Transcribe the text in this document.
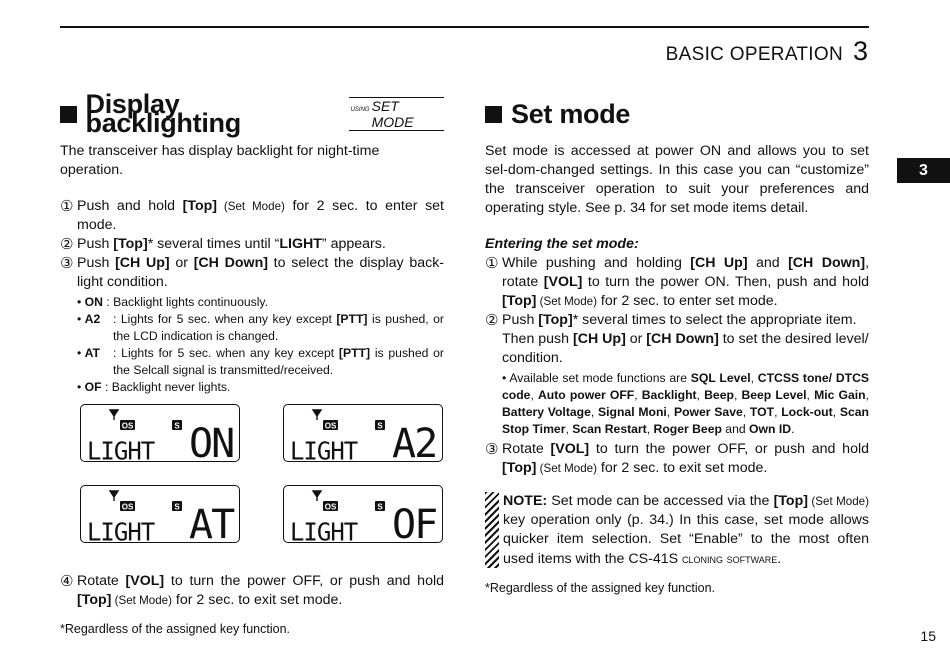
BASIC OPERATION 3
3
Display backlighting	USING SET MODE

The transceiver has display backlight for night-time operation.

① Push and hold [Top] (Set Mode) for 2 sec. to enter set mode.
② Push [Top]* several times until “LIGHT” appears.
③ Push [CH Up] or [CH Down] to select the display back-light condition.
• ON : Backlight lights continuously.
• A2	: Lights for 5 sec. when any key except [PTT] is pushed, or the LCD indication is changed.
• AT	: Lights for 5 sec. when any key except [PTT] is pushed or the Selcall signal is transmitted/received.
• OF : Backlight never lights.
OS	S
LIGHT ON	OS	S
LIGHT A2
OS	S
LIGHT AT	OS	S
LIGHT OF
④ Rotate [VOL] to turn the power OFF, or push and hold [Top] (Set Mode) for 2 sec. to exit set mode.

*Regardless of the assigned key function.

Set mode

Set mode is accessed at power ON and allows you to set sel-dom-changed settings. In this case you can “customize” the transceiver operation to suit your preferences and operating style. See p. 34 for set mode items detail.

Entering the set mode:

① While pushing and holding [CH Up] and [CH Down], rotate [VOL] to turn the power ON. Then, push and hold [Top] (Set Mode) for 2 sec. to enter set mode.
② Push [Top]* several times to select the appropriate item.
Then push [CH Up] or [CH Down] to set the desired level/ condition.
• Available set mode functions are SQL Level, CTCSS tone/ DTCS code, Auto power OFF, Backlight, Beep, Beep Level, Mic Gain, Battery Voltage, Signal Moni, Power Save, TOT, Lock-out, Scan Stop Timer, Scan Restart, Roger Beep and Own ID.
③ Rotate [VOL] to turn the power OFF, or push and hold [Top] (Set Mode) for 2 sec. to exit set mode.
NOTE: Set mode can be accessed via the [Top] (Set Mode) key operation only (p. 34.) In this case, set mode allows quicker item selection. Set “Enable” to the most often used items with the CS-41S cloning software.

*Regardless of the assigned key function.

15
